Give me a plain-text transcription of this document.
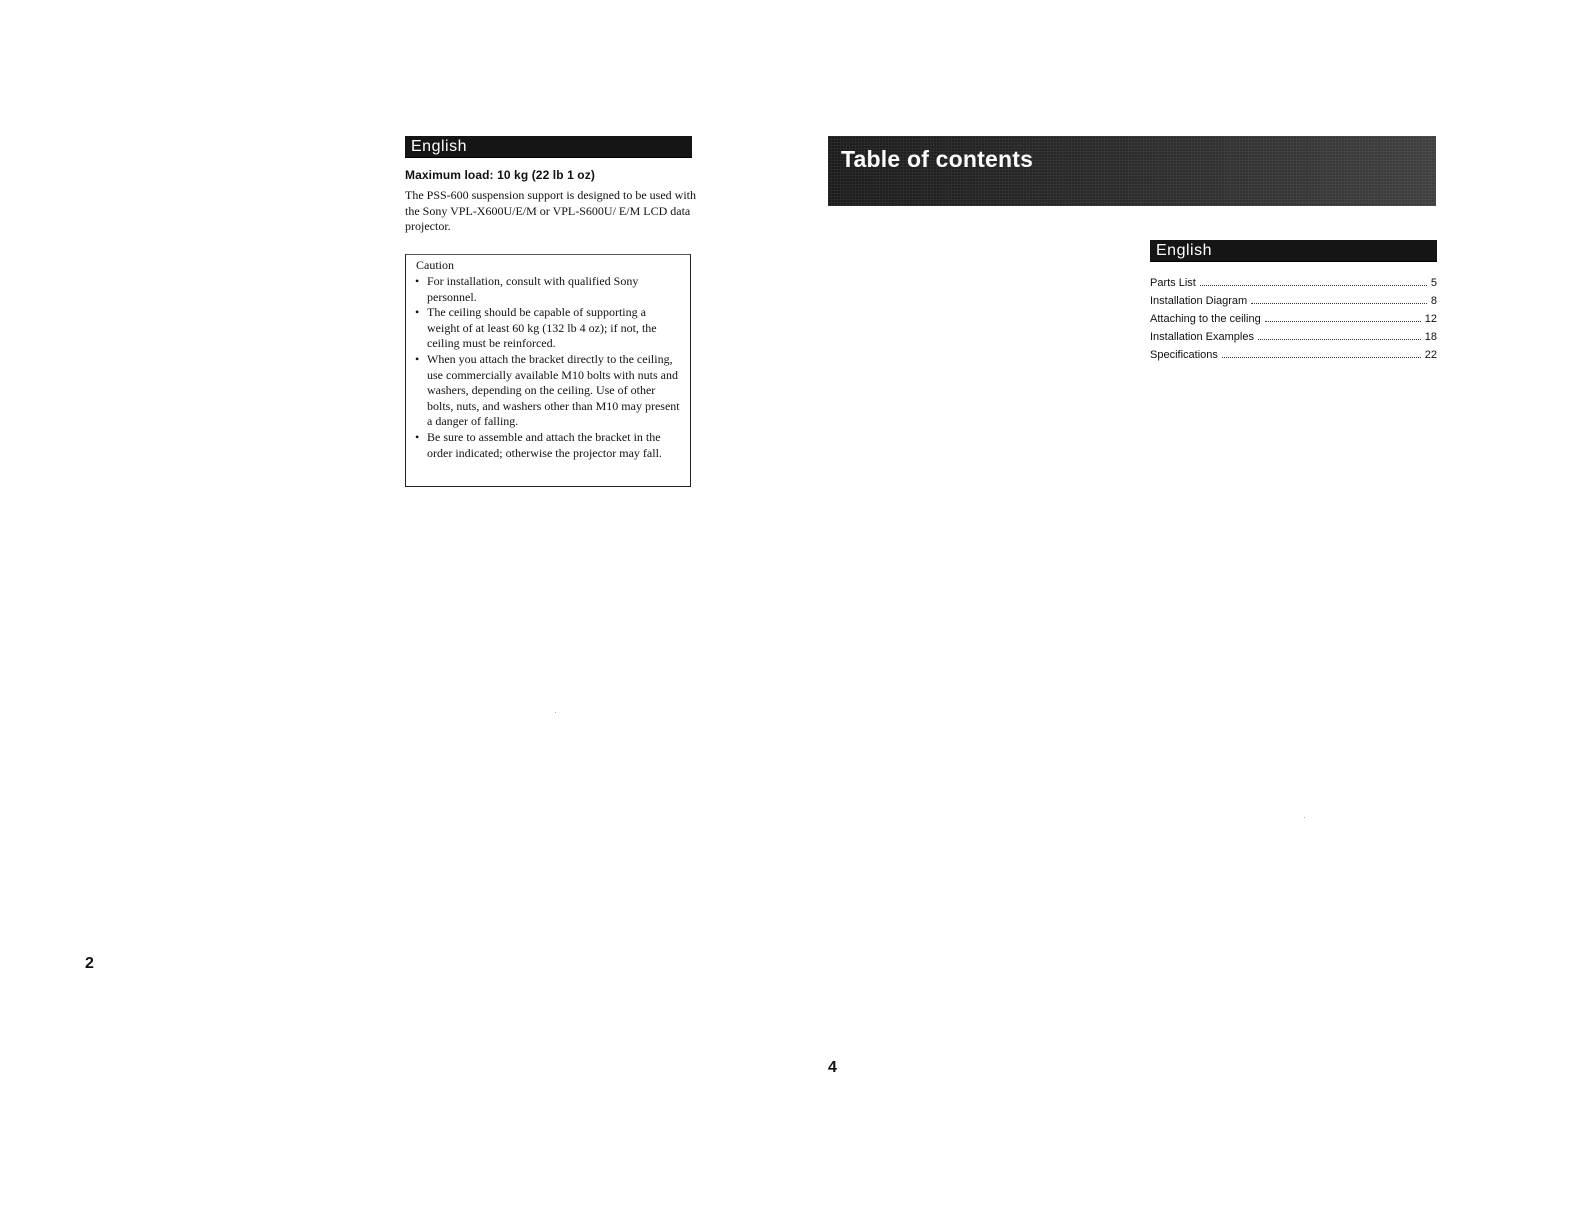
English
Maximum load: 10 kg (22 lb 1 oz)

The PSS-600 suspension support is designed to be used with the Sony VPL-X600U/E/M or VPL-S600U/ E/M LCD data projector.

Caution
• For installation, consult with qualified Sony personnel.
• The ceiling should be capable of supporting a weight of at least 60 kg (132 lb 4 oz); if not, the ceiling must be reinforced.
• When you attach the bracket directly to the ceiling, use commercially available M10 bolts with nuts and washers, depending on the ceiling. Use of other bolts, nuts, and washers other than M10 may present a danger of falling.
• Be sure to assemble and attach the bracket in the order indicated; otherwise the projector may fall.
2
Table of contents
English
Parts List	5
Installation Diagram	8
Attaching to the ceiling	12
Installation Examples	18
Specifications	22
4
